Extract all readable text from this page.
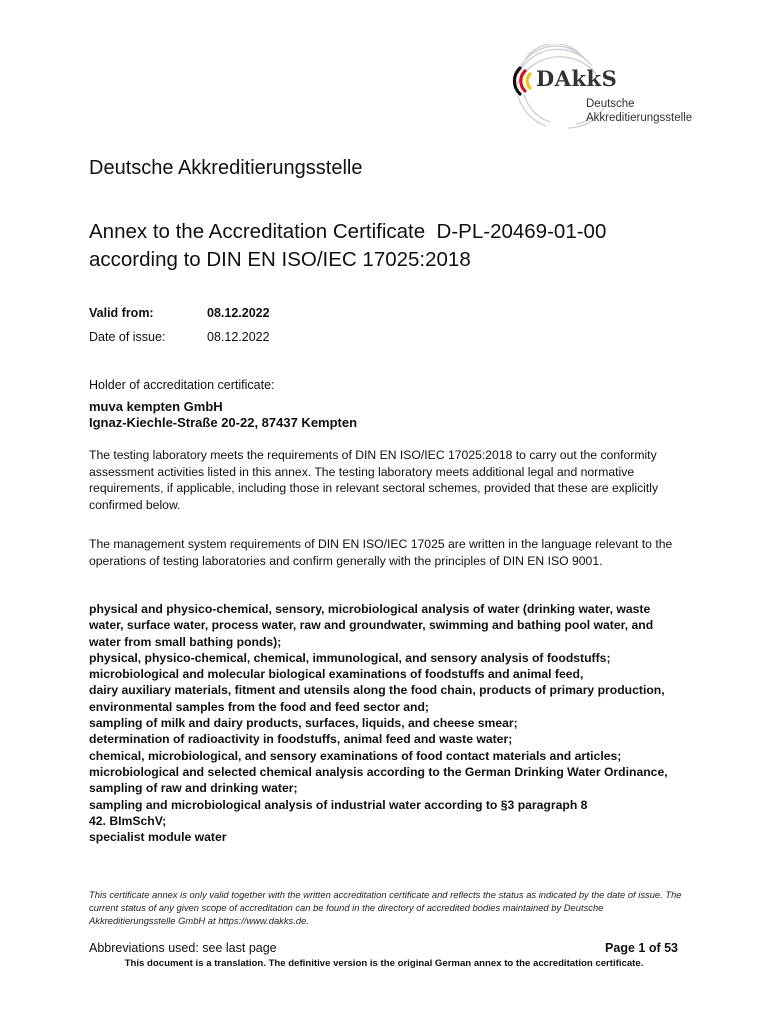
DAkkS
Deutsche
Akkreditierungsstelle
Deutsche Akkreditierungsstelle
Annex to the Accreditation Certificate  D-PL-20469-01-00
according to DIN EN ISO/IEC 17025:2018
Valid from:	08.12.2022
Date of issue:	08.12.2022
Holder of accreditation certificate:
muva kempten GmbH
Ignaz-Kiechle-Straße 20-22, 87437 Kempten
The testing laboratory meets the requirements of DIN EN ISO/IEC 17025:2018 to carry out the conformity assessment activities listed in this annex. The testing laboratory meets additional legal and normative requirements, if applicable, including those in relevant sectoral schemes, provided that these are explicitly confirmed below.
The management system requirements of DIN EN ISO/IEC 17025 are written in the language relevant to the operations of testing laboratories and confirm generally with the principles of DIN EN ISO 9001.
physical and physico-chemical, sensory, microbiological analysis of water (drinking water, waste
water, surface water, process water, raw and groundwater, swimming and bathing pool water, and
water from small bathing ponds);
physical, physico-chemical, chemical, immunological, and sensory analysis of foodstuffs;
microbiological and molecular biological examinations of foodstuffs and animal feed,
dairy auxiliary materials, fitment and utensils along the food chain, products of primary production,
environmental samples from the food and feed sector and;
sampling of milk and dairy products, surfaces, liquids, and cheese smear;
determination of radioactivity in foodstuffs, animal feed and waste water;
chemical, microbiological, and sensory examinations of food contact materials and articles;
microbiological and selected chemical analysis according to the German Drinking Water Ordinance,
sampling of raw and drinking water;
sampling and microbiological analysis of industrial water according to §3 paragraph 8
42. BImSchV;
specialist module water
This certificate annex is only valid together with the written accreditation certificate and reflects the status as indicated by the date of issue. The current status of any given scope of accreditation can be found in the directory of accredited bodies maintained by Deutsche Akkreditierungsstelle GmbH at https://www.dakks.de.
Abbreviations used: see last page	Page 1 of 53
This document is a translation. The definitive version is the original German annex to the accreditation certificate.
